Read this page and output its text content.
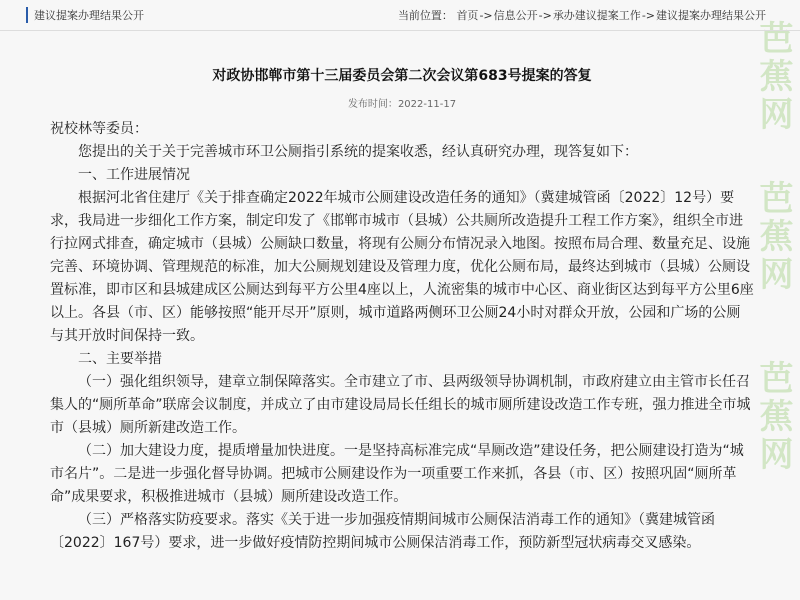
芭蕉网
芭蕉网
芭蕉网
建议提案办理结果公开	当前位置： 首页->信息公开->承办建议提案工作->建议提案办理结果公开
对政协邯郸市第十三届委员会第二次会议第683号提案的答复
发布时间：2022-11-17

祝校林等委员：

您提出的关于关于完善城市环卫公厕指引系统的提案收悉，经认真研究办理，现答复如下：

一、工作进展情况

根据河北省住建厅《关于排查确定2022年城市公厕建设改造任务的通知》（冀建城管函〔2022〕12号）要求，我局进一步细化工作方案，制定印发了《邯郸市城市（县城）公共厕所改造提升工程工作方案》，组织全市进行拉网式排查，确定城市（县城）公厕缺口数量，将现有公厕分布情况录入地图。按照布局合理、数量充足、设施完善、环境协调、管理规范的标准，加大公厕规划建设及管理力度，优化公厕布局，最终达到城市（县城）公厕设置标准，即市区和县城建成区公厕达到每平方公里4座以上，人流密集的城市中心区、商业街区达到每平方公里6座以上。各县（市、区）能够按照“能开尽开”原则，城市道路两侧环卫公厕24小时对群众开放，公园和广场的公厕与其开放时间保持一致。

二、主要举措

（一）强化组织领导，建章立制保障落实。全市建立了市、县两级领导协调机制，市政府建立由主管市长任召集人的“厕所革命”联席会议制度，并成立了由市建设局局长任组长的城市厕所建设改造工作专班，强力推进全市城市（县城）厕所新建改造工作。

（二）加大建设力度，提质增量加快进度。一是坚持高标准完成“旱厕改造”建设任务，把公厕建设打造为“城市名片”。二是进一步强化督导协调。把城市公厕建设作为一项重要工作来抓，各县（市、区）按照巩固“厕所革命”成果要求，积极推进城市（县城）厕所建设改造工作。

（三）严格落实防疫要求。落实《关于进一步加强疫情期间城市公厕保洁消毒工作的通知》（冀建城管函〔2022〕167号）要求，进一步做好疫情防控期间城市公厕保洁消毒工作，预防新型冠状病毒交叉感染。
